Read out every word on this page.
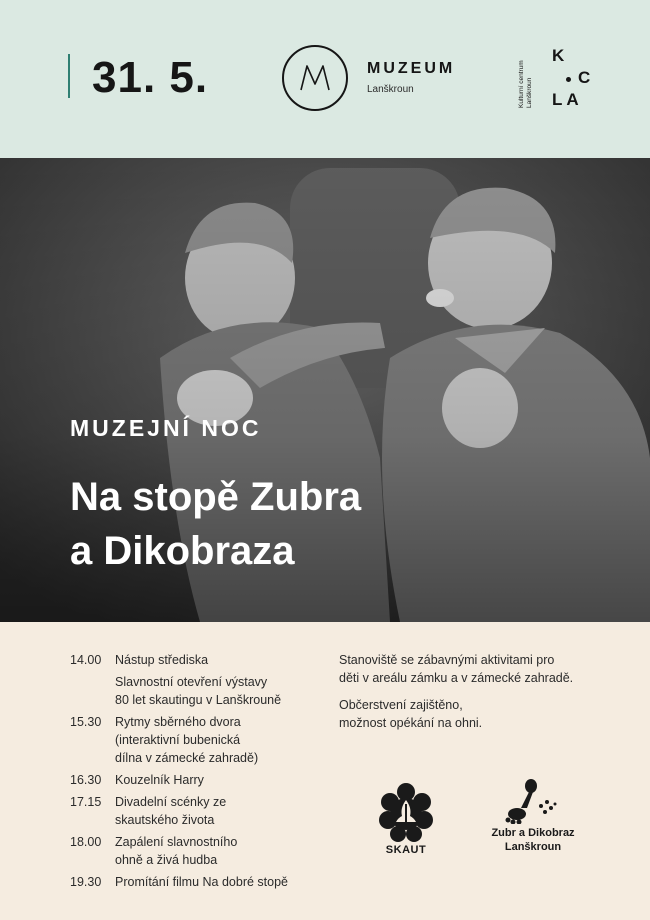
31. 5.	MUZEUM
Lanškroun	Kulturní centrum Lanškroun
K
C
LA
MUZEJNÍ NOC
Na stopě Zubra
a Dikobraza
14.00	Nástup střediska
Slavnostní otevření výstavy
80 let skautingu v Lanškrouně
15.30	Rytmy sběrného dvora
(interaktivní bubenická
dílna v zámecké zahradě)
16.30	Kouzelník Harry
17.15	Divadelní scénky ze
skautského života
18.00	Zapálení slavnostního
ohně a živá hudba
19.30	Promítání filmu Na dobré stopě

Stanoviště se zábavnými aktivitami pro
děti v areálu zámku a v zámecké zahradě.

Občerstvení zajištěno,
možnost opékání na ohni.

SKAUT
Zubr a Dikobraz
Lanškroun
